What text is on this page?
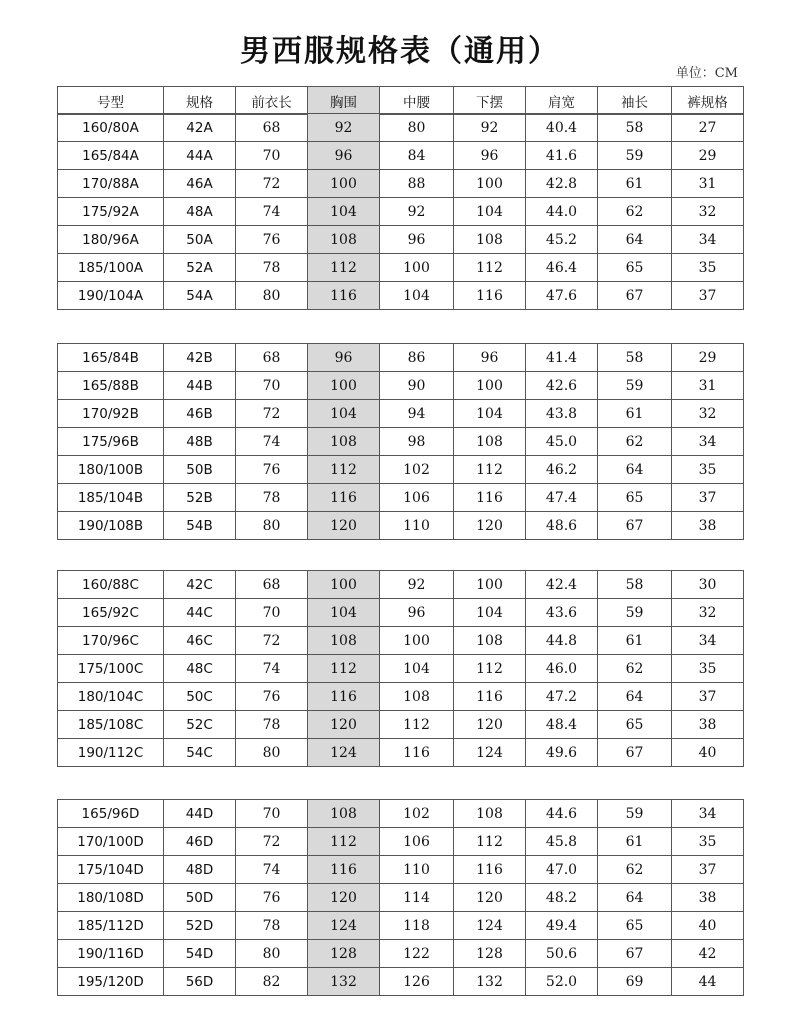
男西服规格表（通用）
单位：CM
号型	规格	前衣长	胸围	中腰	下摆	肩宽	袖长	裤规格
160/80A	42A	68	92	80	92	40.4	58	27
165/84A	44A	70	96	84	96	41.6	59	29
170/88A	46A	72	100	88	100	42.8	61	31
175/92A	48A	74	104	92	104	44.0	62	32
180/96A	50A	76	108	96	108	45.2	64	34
185/100A	52A	78	112	100	112	46.4	65	35
190/104A	54A	80	116	104	116	47.6	67	37
165/84B	42B	68	96	86	96	41.4	58	29
165/88B	44B	70	100	90	100	42.6	59	31
170/92B	46B	72	104	94	104	43.8	61	32
175/96B	48B	74	108	98	108	45.0	62	34
180/100B	50B	76	112	102	112	46.2	64	35
185/104B	52B	78	116	106	116	47.4	65	37
190/108B	54B	80	120	110	120	48.6	67	38
160/88C	42C	68	100	92	100	42.4	58	30
165/92C	44C	70	104	96	104	43.6	59	32
170/96C	46C	72	108	100	108	44.8	61	34
175/100C	48C	74	112	104	112	46.0	62	35
180/104C	50C	76	116	108	116	47.2	64	37
185/108C	52C	78	120	112	120	48.4	65	38
190/112C	54C	80	124	116	124	49.6	67	40
165/96D	44D	70	108	102	108	44.6	59	34
170/100D	46D	72	112	106	112	45.8	61	35
175/104D	48D	74	116	110	116	47.0	62	37
180/108D	50D	76	120	114	120	48.2	64	38
185/112D	52D	78	124	118	124	49.4	65	40
190/116D	54D	80	128	122	128	50.6	67	42
195/120D	56D	82	132	126	132	52.0	69	44
